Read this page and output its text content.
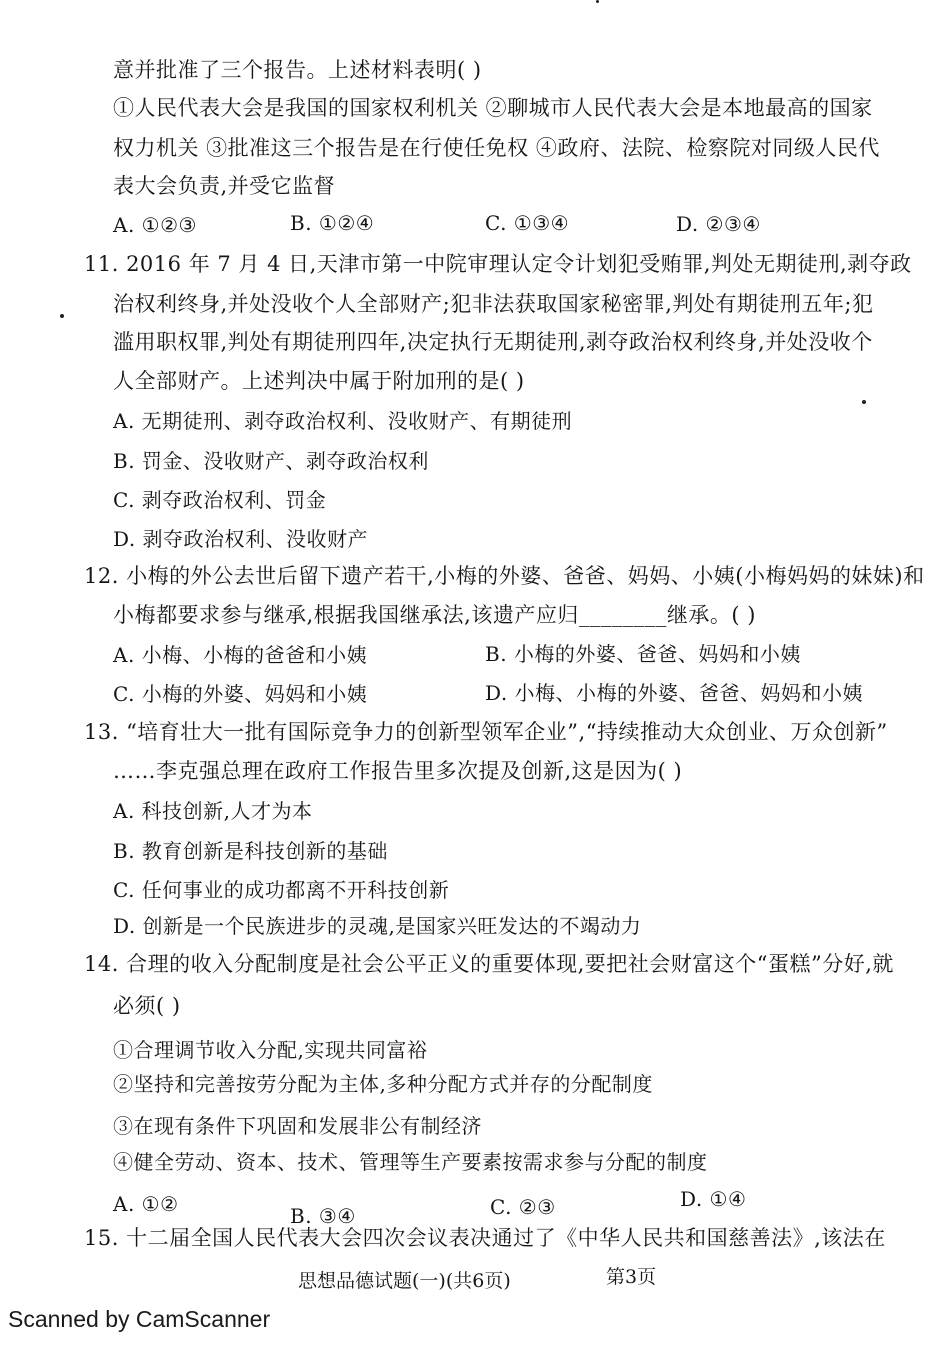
意并批准了三个报告。上述材料表明( )
①人民代表大会是我国的国家权利机关 ②聊城市人民代表大会是本地最高的国家
权力机关 ③批准这三个报告是在行使任免权 ④政府、法院、检察院对同级人民代
表大会负责,并受它监督
A. ①②③	B. ①②④	C. ①③④	D. ②③④
11. 2016 年 7 月 4 日,天津市第一中院审理认定令计划犯受贿罪,判处无期徒刑,剥夺政
治权利终身,并处没收个人全部财产;犯非法获取国家秘密罪,判处有期徒刑五年;犯
滥用职权罪,判处有期徒刑四年,决定执行无期徒刑,剥夺政治权利终身,并处没收个
人全部财产。上述判决中属于附加刑的是( )
A. 无期徒刑、剥夺政治权利、没收财产、有期徒刑
B. 罚金、没收财产、剥夺政治权利
C. 剥夺政治权利、罚金
D. 剥夺政治权利、没收财产
12. 小梅的外公去世后留下遗产若干,小梅的外婆、爸爸、妈妈、小姨(小梅妈妈的妹妹)和
小梅都要求参与继承,根据我国继承法,该遗产应归________继承。( )
A. 小梅、小梅的爸爸和小姨	B. 小梅的外婆、爸爸、妈妈和小姨
C. 小梅的外婆、妈妈和小姨	D. 小梅、小梅的外婆、爸爸、妈妈和小姨
13. “培育壮大一批有国际竞争力的创新型领军企业”,“持续推动大众创业、万众创新”
……李克强总理在政府工作报告里多次提及创新,这是因为( )
A. 科技创新,人才为本
B. 教育创新是科技创新的基础
C. 任何事业的成功都离不开科技创新
D. 创新是一个民族进步的灵魂,是国家兴旺发达的不竭动力
14. 合理的收入分配制度是社会公平正义的重要体现,要把社会财富这个“蛋糕”分好,就
必须( )
①合理调节收入分配,实现共同富裕
②坚持和完善按劳分配为主体,多种分配方式并存的分配制度
③在现有条件下巩固和发展非公有制经济
④健全劳动、资本、技术、管理等生产要素按需求参与分配的制度
A. ①②	B. ③④	C. ②③	D. ①④
15. 十二届全国人民代表大会四次会议表决通过了《中华人民共和国慈善法》,该法在
思想品德试题(一)(共6页)	第3页
Scanned by CamScanner
